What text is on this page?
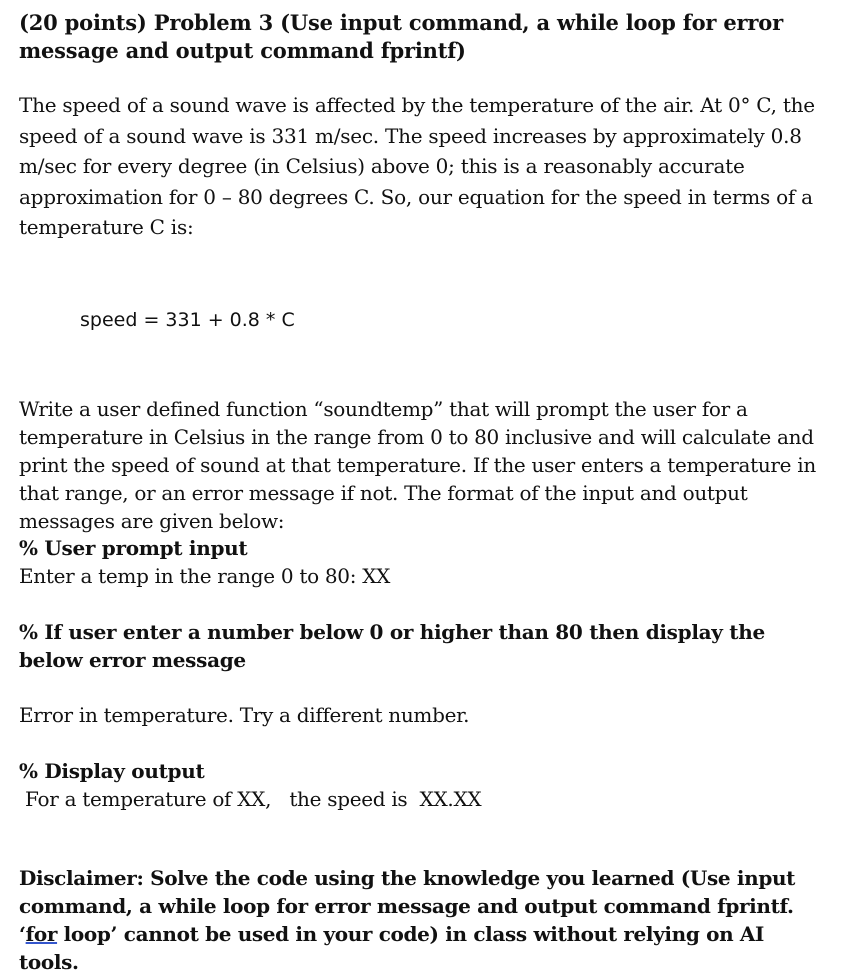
(20 points) Problem 3 (Use input command, a while loop for error message and output command fprintf)

The speed of a sound wave is affected by the temperature of the air. At 0° C, the speed of a sound wave is 331 m/sec. The speed increases by approximately 0.8 m/sec for every degree (in Celsius) above 0; this is a reasonably accurate approximation for 0 – 80 degrees C. So, our equation for the speed in terms of a temperature C is:

speed = 331 + 0.8 * C

Write a user defined function “soundtemp” that will prompt the user for a temperature in Celsius in the range from 0 to 80 inclusive and will calculate and print the speed of sound at that temperature. If the user enters a temperature in that range, or an error message if not. The format of the input and output messages are given below:

% User prompt input

Enter a temp in the range 0 to 80: XX

% If user enter a number below 0 or higher than 80 then display the below error message

Error in temperature. Try a different number.

% Display output

For a temperature of XX,   the speed is  XX.XX

Disclaimer: Solve the code using the knowledge you learned (Use input command, a while loop for error message and output command fprintf. ‘for loop’ cannot be used in your code) in class without relying on AI tools.
